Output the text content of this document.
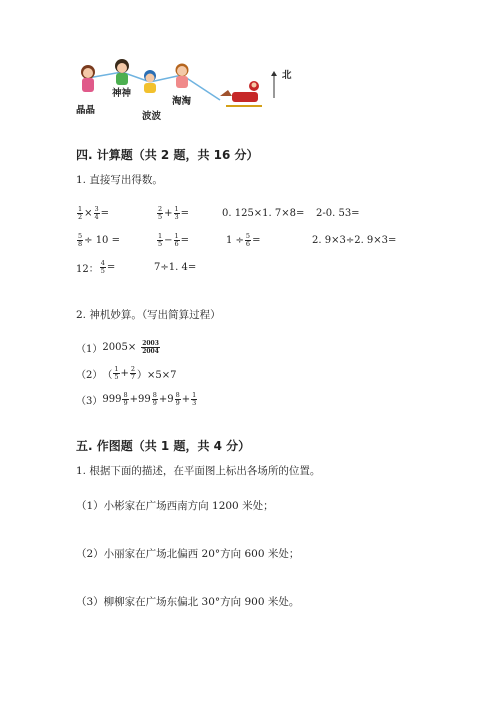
晶晶
神神
波波
淘淘
北
四. 计算题（共 2 题，共 16 分）
1. 直接写出得数。
$\frac{1}{2} \times \frac{3}{4}$ =	$\frac{2}{5} + \frac{1}{3}$ =	0. 125×1. 7×8= 2-0. 53=
$\frac{5}{8} \div 10$ =	$\frac{1}{5} - \frac{1}{6}$ =	$1 \div \frac{5}{6}$ =	2. 9×3÷2. 9×3=
12： $\frac{4}{5}$ =	7÷1. 4=
2. 神机妙算。（写出简算过程）
（1） $2005\times \frac{2003}{2004}$
（2） （ $\frac{1}{5} + \frac{2}{7} )\times 5\times 7$
（3） $999 \frac{8}{9} +99 \frac{8}{9} +9 \frac{8}{9} + \frac{1}{3}$
五. 作图题（共 1 题，共 4 分）
1. 根据下面的描述，在平面图上标出各场所的位置。
（1）小彬家在广场西南方向 1200 米处；
（2）小丽家在广场北偏西 20°方向 600 米处；
（3）柳柳家在广场东偏北 30°方向 900 米处。
